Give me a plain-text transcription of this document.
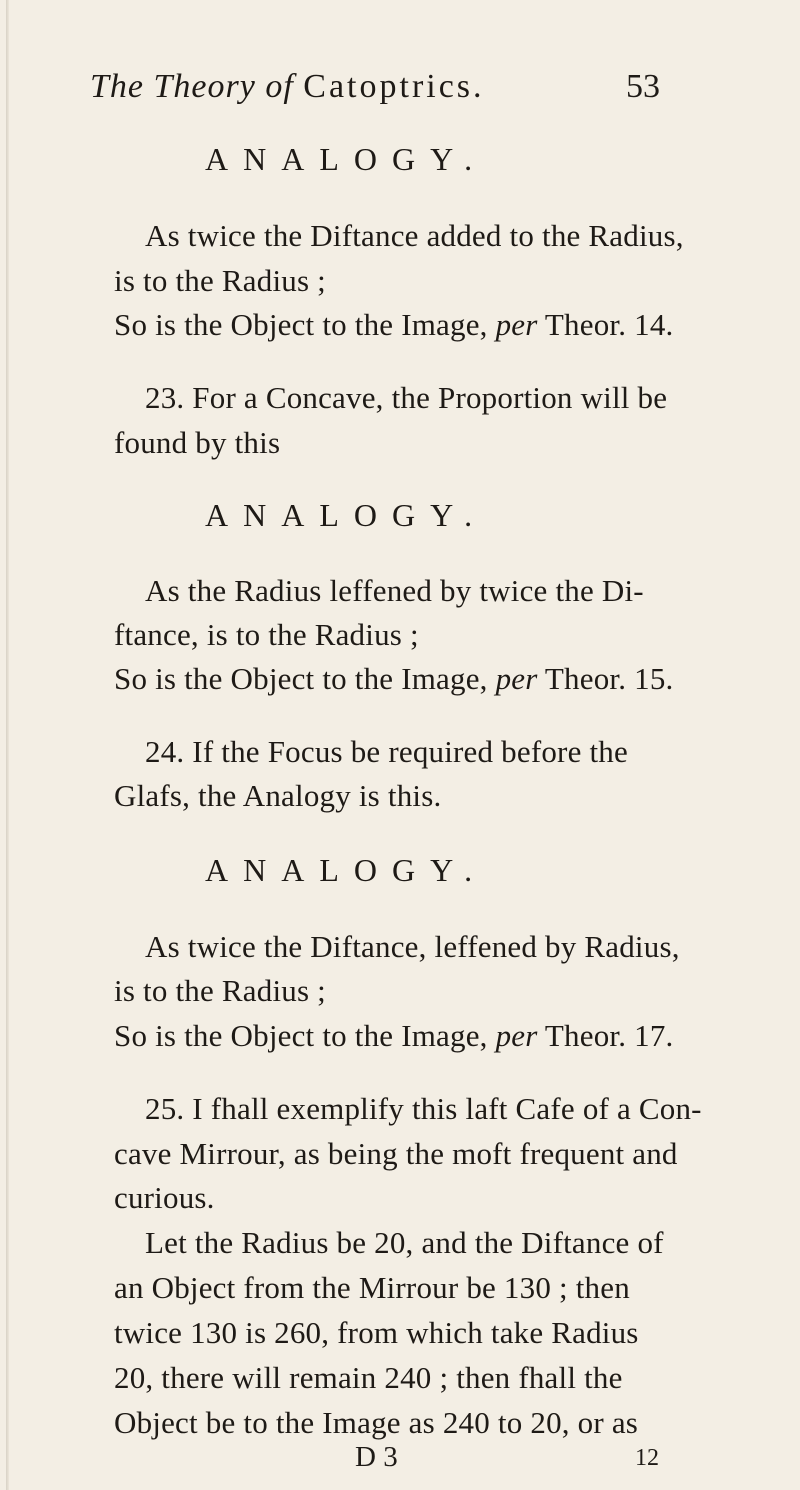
The Theory of Catoptrics.	53
ANALOGY.
As twice the Diftance added to the Radius,
is to the Radius ;
So is the Object to the Image, per Theor. 14.
23. For a Concave, the Proportion will be
found by this
ANALOGY.
As the Radius leffened by twice the Di-
ftance, is to the Radius ;
So is the Object to the Image, per Theor. 15.
24. If the Focus be required before the
Glafs, the Analogy is this.
ANALOGY.
As twice the Diftance, leffened by Radius,
is to the Radius ;
So is the Object to the Image, per Theor. 17.
25. I fhall exemplify this laft Cafe of a Con-
cave Mirrour, as being the moft frequent and
curious.
Let the Radius be 20, and the Diftance of
an Object from the Mirrour be 130 ; then
twice 130 is 260, from which take Radius
20, there will remain 240 ; then fhall the
Object be to the Image as 240 to 20, or as
D 3	12
